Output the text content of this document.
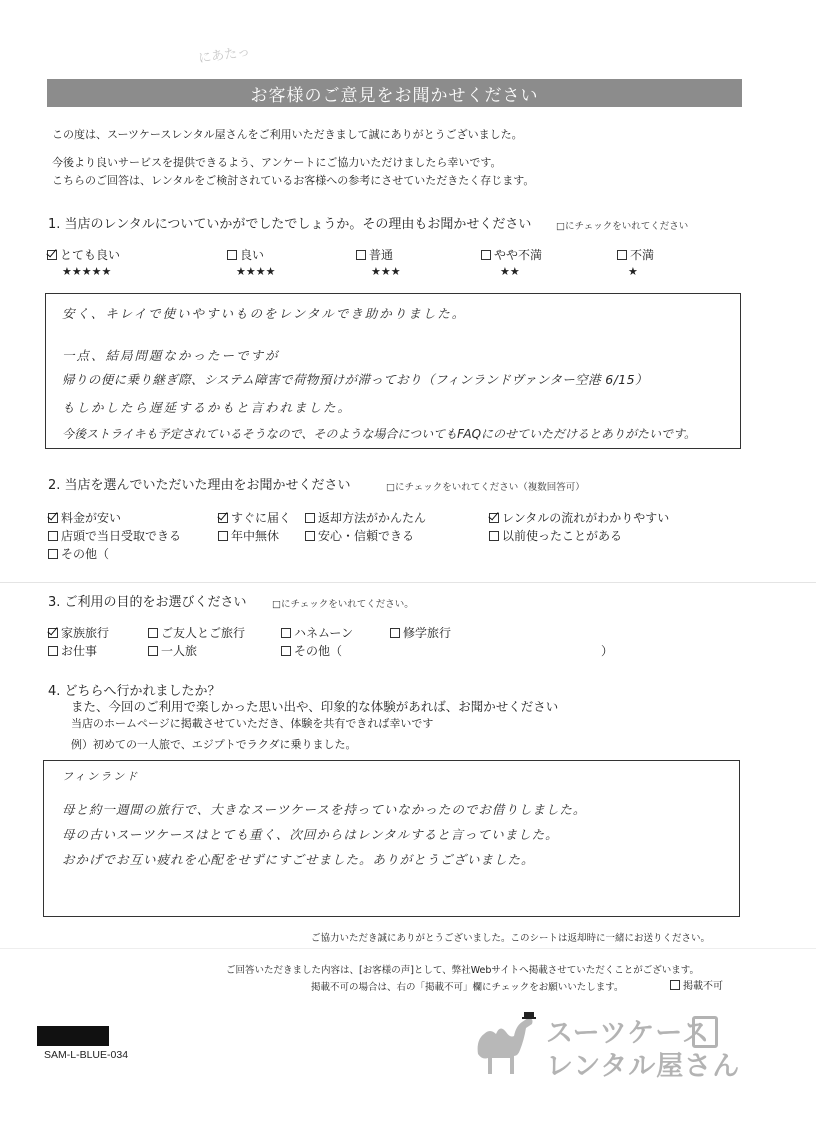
にあたっ
お客様のご意見をお聞かせください
この度は、スーツケースレンタル屋さんをご利用いただきまして誠にありがとうございました。
今後より良いサービスを提供できるよう、アンケートにご協力いただけましたら幸いです。
こちらのご回答は、レンタルをご検討されているお客様への参考にさせていただきたく存じます。
1. 当店のレンタルについていかがでしたでしょうか。その理由もお聞かせください	□にチェックをいれてください
とても良い	良い	普通	やや不満	不満
★★★★★	★★★★	★★★	★★	★
安く、キレイで使いやすいものをレンタルでき助かりました。
一点、結局問題なかったーですが
帰りの便に乗り継ぎ際、システム障害で荷物預けが滞っており（フィンランドヴァンター空港 6/15）
もしかしたら遅延するかもと言われました。
今後ストライキも予定されているそうなので、そのような場合についてもFAQにのせていただけるとありがたいです。
2. 当店を選んでいただいた理由をお聞かせください	□にチェックをいれてください（複数回答可）
料金が安い	すぐに届く	返却方法がかんたん	レンタルの流れがわかりやすい
店頭で当日受取できる	年中無休	安心・信頼できる	以前使ったことがある
その他（
3. ご利用の目的をお選びください	□にチェックをいれてください。
家族旅行	ご友人とご旅行	ハネムーン	修学旅行
お仕事	一人旅	その他（	）
4. どちらへ行かれましたか？
また、今回のご利用で楽しかった思い出や、印象的な体験があれば、お聞かせください
当店のホームページに掲載させていただき、体験を共有できれば幸いです
例）初めての一人旅で、エジプトでラクダに乗りました。
フィンランド
母と約一週間の旅行で、大きなスーツケースを持っていなかったのでお借りしました。
母の古いスーツケースはとても重く、次回からはレンタルすると言っていました。
おかげでお互い疲れを心配をせずにすごせました。ありがとうございました。
ご協力いただき誠にありがとうございました。このシートは返却時に一緒にお送りください。
ご回答いただきました内容は、[お客様の声]として、弊社Webサイトへ掲載させていただくことがございます。
掲載不可の場合は、右の「掲載不可」欄にチェックをお願いいたします。	掲載不可
SAM-L-BLUE-034
スーツケース
レンタル屋さん
